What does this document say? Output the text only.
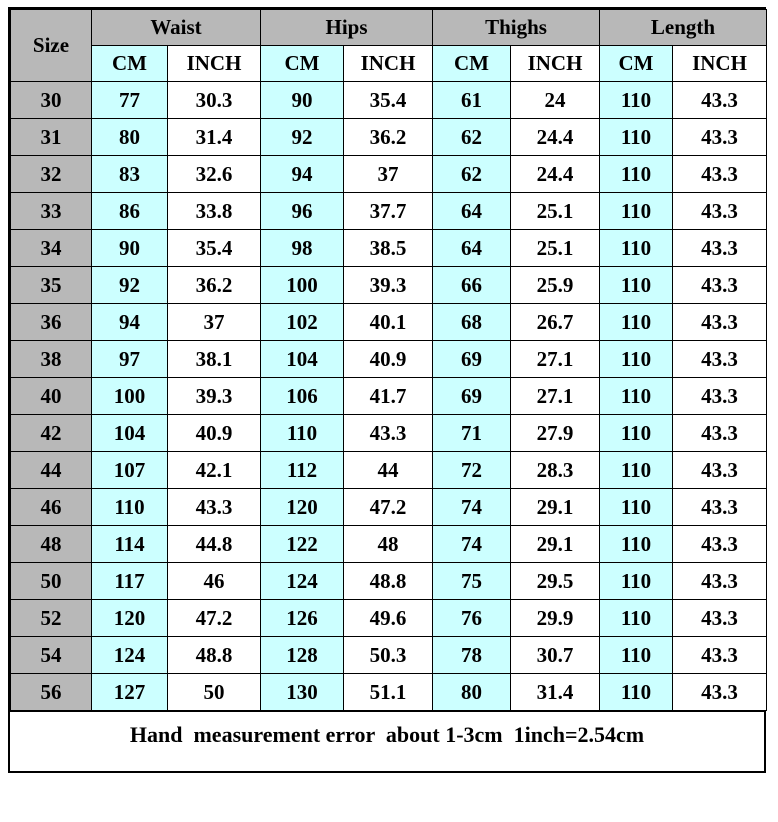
Size	Waist		Hips		Thighs		Length	
	CM	INCH	CM	INCH	CM	INCH	CM	INCH
30	77	30.3	90	35.4	61	24	110	43.3
31	80	31.4	92	36.2	62	24.4	110	43.3
32	83	32.6	94	37	62	24.4	110	43.3
33	86	33.8	96	37.7	64	25.1	110	43.3
34	90	35.4	98	38.5	64	25.1	110	43.3
35	92	36.2	100	39.3	66	25.9	110	43.3
36	94	37	102	40.1	68	26.7	110	43.3
38	97	38.1	104	40.9	69	27.1	110	43.3
40	100	39.3	106	41.7	69	27.1	110	43.3
42	104	40.9	110	43.3	71	27.9	110	43.3
44	107	42.1	112	44	72	28.3	110	43.3
46	110	43.3	120	47.2	74	29.1	110	43.3
48	114	44.8	122	48	74	29.1	110	43.3
50	117	46	124	48.8	75	29.5	110	43.3
52	120	47.2	126	49.6	76	29.9	110	43.3
54	124	48.8	128	50.3	78	30.7	110	43.3
56	127	50	130	51.1	80	31.4	110	43.3
Hand  measurement error  about 1-3cm  1inch=2.54cm
